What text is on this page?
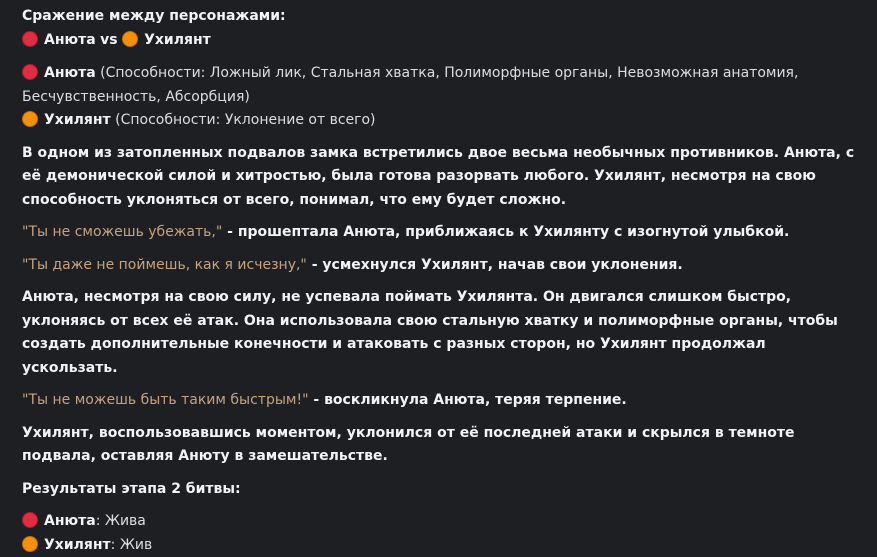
Сражение между персонажами:
Анюта vs Ухилянт
Анюта (Способности: Ложный лик, Стальная хватка, Полиморфные органы, Невозможная анатомия, Бесчувственность, Абсорбция)
Ухилянт (Способности: Уклонение от всего)
В одном из затопленных подвалов замка встретились двое весьма необычных противников. Анюта, с её демонической силой и хитростью, была готова разорвать любого. Ухилянт, несмотря на свою способность уклоняться от всего, понимал, что ему будет сложно.
"Ты не сможешь убежать," - прошептала Анюта, приближаясь к Ухилянту с изогнутой улыбкой.
"Ты даже не поймешь, как я исчезну," - усмехнулся Ухилянт, начав свои уклонения.
Анюта, несмотря на свою силу, не успевала поймать Ухилянта. Он двигался слишком быстро, уклоняясь от всех её атак. Она использовала свою стальную хватку и полиморфные органы, чтобы создать дополнительные конечности и атаковать с разных сторон, но Ухилянт продолжал ускользать.
"Ты не можешь быть таким быстрым!" - воскликнула Анюта, теряя терпение.
Ухилянт, воспользовавшись моментом, уклонился от её последней атаки и скрылся в темноте подвала, оставляя Анюту в замешательстве.
Результаты этапа 2 битвы:
Анюта: Жива
Ухилянт: Жив
